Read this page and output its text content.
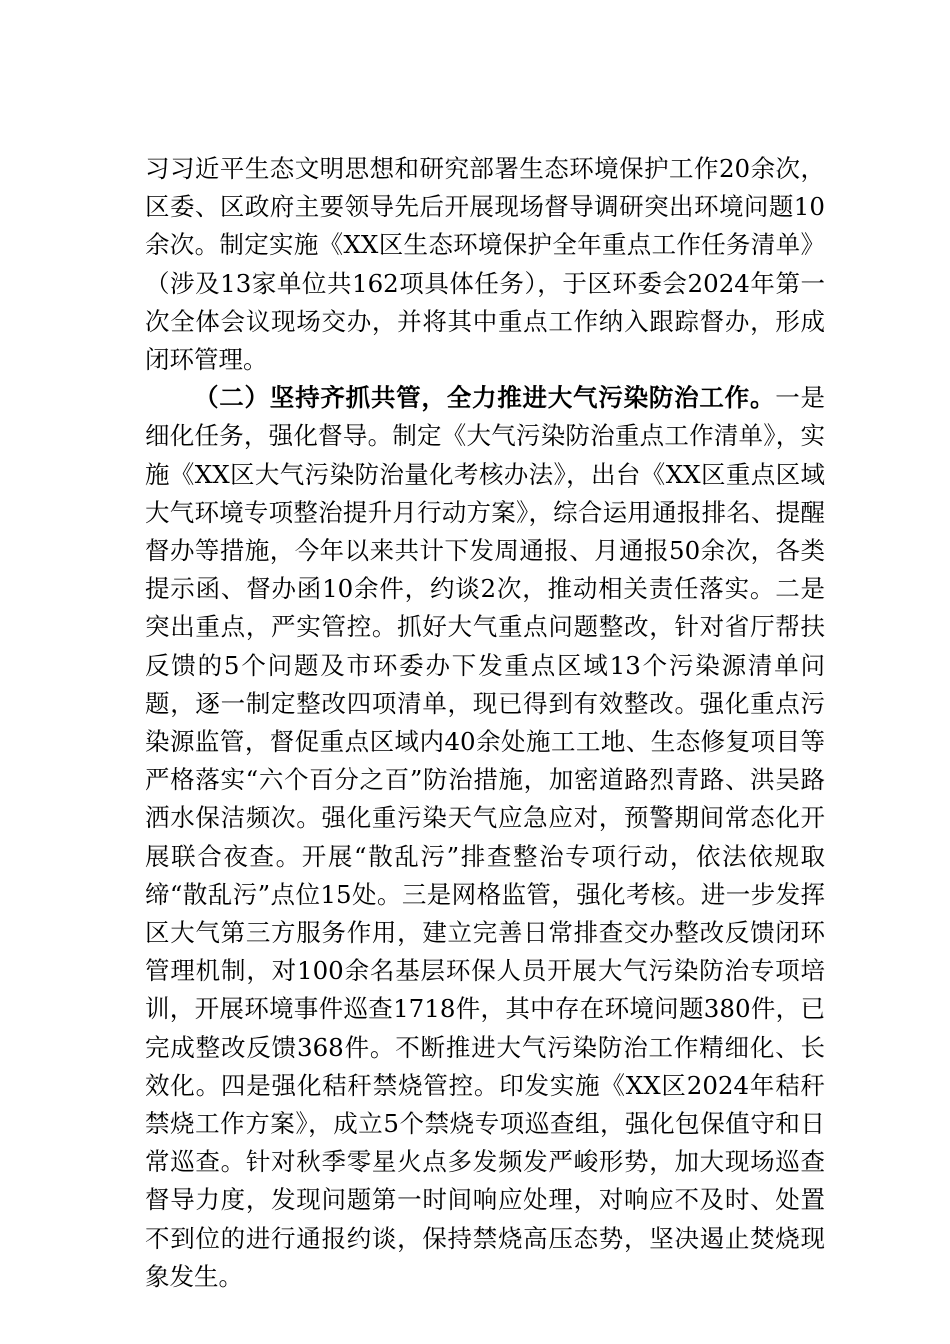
习习近平生态文明思想和研究部署生态环境保护工作20余次，区委、区政府主要领导先后开展现场督导调研突出环境问题10余次。制定实施《XX区生态环境保护全年重点工作任务清单》（涉及13家单位共162项具体任务），于区环委会2024年第一次全体会议现场交办，并将其中重点工作纳入跟踪督办，形成闭环管理。

（二）坚持齐抓共管，全力推进大气污染防治工作。一是细化任务，强化督导。制定《大气污染防治重点工作清单》，实施《XX区大气污染防治量化考核办法》，出台《XX区重点区域大气环境专项整治提升月行动方案》，综合运用通报排名、提醒督办等措施，今年以来共计下发周通报、月通报50余次，各类提示函、督办函10余件，约谈2次，推动相关责任落实。二是突出重点，严实管控。抓好大气重点问题整改，针对省厅帮扶反馈的5个问题及市环委办下发重点区域13个污染源清单问题，逐一制定整改四项清单，现已得到有效整改。强化重点污染源监管，督促重点区域内40余处施工工地、生态修复项目等严格落实“六个百分之百”防治措施，加密道路烈青路、洪吴路洒水保洁频次。强化重污染天气应急应对，预警期间常态化开展联合夜查。开展“散乱污”排查整治专项行动，依法依规取缔“散乱污”点位15处。三是网格监管，强化考核。进一步发挥区大气第三方服务作用，建立完善日常排查交办整改反馈闭环管理机制，对100余名基层环保人员开展大气污染防治专项培训，开展环境事件巡查1718件，其中存在环境问题380件，已完成整改反馈368件。不断推进大气污染防治工作精细化、长效化。四是强化秸秆禁烧管控。印发实施《XX区2024年秸秆禁烧工作方案》，成立5个禁烧专项巡查组，强化包保值守和日常巡查。针对秋季零星火点多发频发严峻形势，加大现场巡查督导力度，发现问题第一时间响应处理，对响应不及时、处置不到位的进行通报约谈，保持禁烧高压态势，坚决遏止焚烧现象发生。
